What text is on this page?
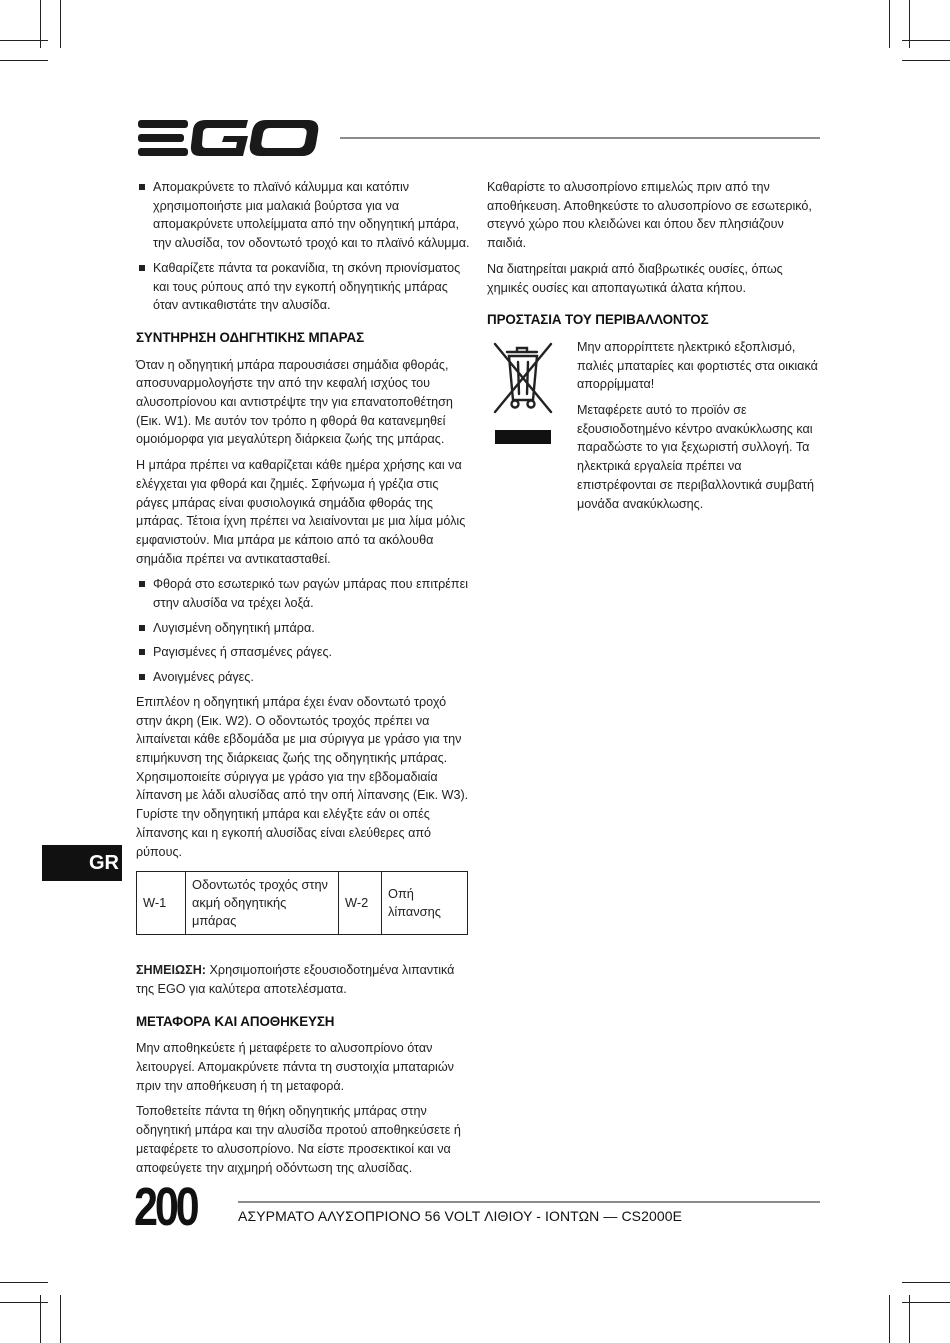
Απομακρύνετε το πλαϊνό κάλυμμα και κατόπιν χρησιμοποιήστε μια μαλακιά βούρτσα για να απομακρύνετε υπολείμματα από την οδηγητική μπάρα, την αλυσίδα, τον οδοντωτό τροχό και το πλαϊνό κάλυμμα.
Καθαρίζετε πάντα τα ροκανίδια, τη σκόνη πριονίσματος και τους ρύπους από την εγκοπή οδηγητικής μπάρας όταν αντικαθιστάτε την αλυσίδα.
ΣΥΝΤΗΡΗΣΗ ΟΔΗΓΗΤΙΚΗΣ ΜΠΑΡΑΣ

Όταν η οδηγητική μπάρα παρουσιάσει σημάδια φθοράς, αποσυναρμολογήστε την από την κεφαλή ισχύος του αλυσοπρίονου και αντιστρέψτε την για επανατοποθέτηση (Εικ. W1). Με αυτόν τον τρόπο η φθορά θα κατανεμηθεί ομοιόμορφα για μεγαλύτερη διάρκεια ζωής της μπάρας.

Η μπάρα πρέπει να καθαρίζεται κάθε ημέρα χρήσης και να ελέγχεται για φθορά και ζημιές. Σφήνωμα ή γρέζια στις ράγες μπάρας είναι φυσιολογικά σημάδια φθοράς της μπάρας. Τέτοια ίχνη πρέπει να λειαίνονται με μια λίμα μόλις εμφανιστούν. Μια μπάρα με κάποιο από τα ακόλουθα σημάδια πρέπει να αντικατασταθεί.

Φθορά στο εσωτερικό των ραγών μπάρας που επιτρέπει στην αλυσίδα να τρέχει λοξά.
Λυγισμένη οδηγητική μπάρα.
Ραγισμένες ή σπασμένες ράγες.
Ανοιγμένες ράγες.

Επιπλέον η οδηγητική μπάρα έχει έναν οδοντωτό τροχό στην άκρη (Εικ. W2). Ο οδοντωτός τροχός πρέπει να λιπαίνεται κάθε εβδομάδα με μια σύριγγα με γράσο για την επιμήκυνση της διάρκειας ζωής της οδηγητικής μπάρας. Χρησιμοποιείτε σύριγγα με γράσο για την εβδομαδιαία λίπανση με λάδι αλυσίδας από την οπή λίπανσης (Εικ. W3). Γυρίστε την οδηγητική μπάρα και ελέγξτε εάν οι οπές λίπανσης και η εγκοπή αλυσίδας είναι ελεύθερες από ρύπους.

W-1	Οδοντωτός τροχός στην ακμή οδηγητικής μπάρας	W-2	Οπή λίπανσης

ΣΗΜΕΙΩΣΗ: Χρησιμοποιήστε εξουσιοδοτημένα λιπαντικά της EGO για καλύτερα αποτελέσματα.

ΜΕΤΑΦΟΡΑ ΚΑΙ ΑΠΟΘΗΚΕΥΣΗ

Μην αποθηκεύετε ή μεταφέρετε το αλυσοπρίονο όταν λειτουργεί. Απομακρύνετε πάντα τη συστοιχία μπαταριών πριν την αποθήκευση ή τη μεταφορά.

Τοποθετείτε πάντα τη θήκη οδηγητικής μπάρας στην οδηγητική μπάρα και την αλυσίδα προτού αποθηκεύσετε ή μεταφέρετε το αλυσοπρίονο. Να είστε προσεκτικοί και να αποφεύγετε την αιχμηρή οδόντωση της αλυσίδας.

Καθαρίστε το αλυσοπρίονο επιμελώς πριν από την αποθήκευση. Αποθηκεύστε το αλυσοπρίονο σε εσωτερικό, στεγνό χώρο που κλειδώνει και όπου δεν πλησιάζουν παιδιά.

Να διατηρείται μακριά από διαβρωτικές ουσίες, όπως χημικές ουσίες και αποπαγωτικά άλατα κήπου.

ΠΡΟΣΤΑΣΙΑ ΤΟΥ ΠΕΡΙΒΑΛΛΟΝΤΟΣ

Μην απορρίπτετε ηλεκτρικό εξοπλισμό, παλιές μπαταρίες και φορτιστές στα οικιακά απορρίμματα!

Μεταφέρετε αυτό το προϊόν σε εξουσιοδοτημένο κέντρο ανακύκλωσης και παραδώστε το για ξεχωριστή συλλογή. Τα ηλεκτρικά εργαλεία πρέπει να επιστρέφονται σε περιβαλλοντικά συμβατή μονάδα ανακύκλωσης.

GR
200	ΑΣΥΡΜΑΤΟ ΑΛΥΣΟΠΡΙΟΝΟ 56 VOLT ΛΙΘΙΟΥ - ΙΟΝΤΩΝ — CS2000E
